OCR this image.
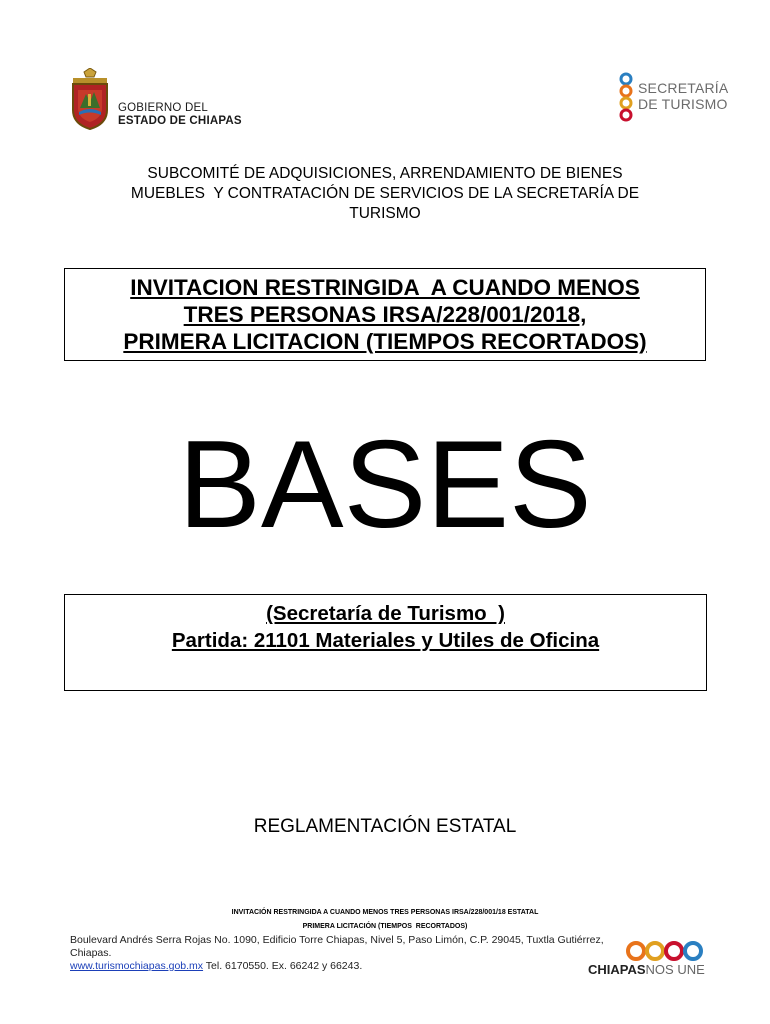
GOBIERNO DEL
ESTADO DE CHIAPAS
SECRETARÍA
DE TURISMO
SUBCOMITÉ DE ADQUISICIONES, ARRENDAMIENTO DE BIENES
MUEBLES  Y CONTRATACIÓN DE SERVICIOS DE LA SECRETARÍA DE
TURISMO
INVITACION RESTRINGIDA  A CUANDO MENOS
TRES PERSONAS IRSA/228/001/2018,
PRIMERA LICITACION (TIEMPOS RECORTADOS)
BASES
(Secretaría de Turismo  )
Partida: 21101 Materiales y Utiles de Oficina
REGLAMENTACIÓN ESTATAL
INVITACIÓN RESTRINGIDA A CUANDO MENOS TRES PERSONAS IRSA/228/001/18 ESTATAL
PRIMERA LICITACIÓN (TIEMPOS  RECORTADOS)
Boulevard Andrés Serra Rojas No. 1090, Edificio Torre Chiapas, Nivel 5, Paso Limón, C.P. 29045, Tuxtla Gutiérrez, Chiapas.
www.turismochiapas.gob.mx Tel. 6170550. Ex. 66242 y 66243.	CHIAPASNOS UNE
